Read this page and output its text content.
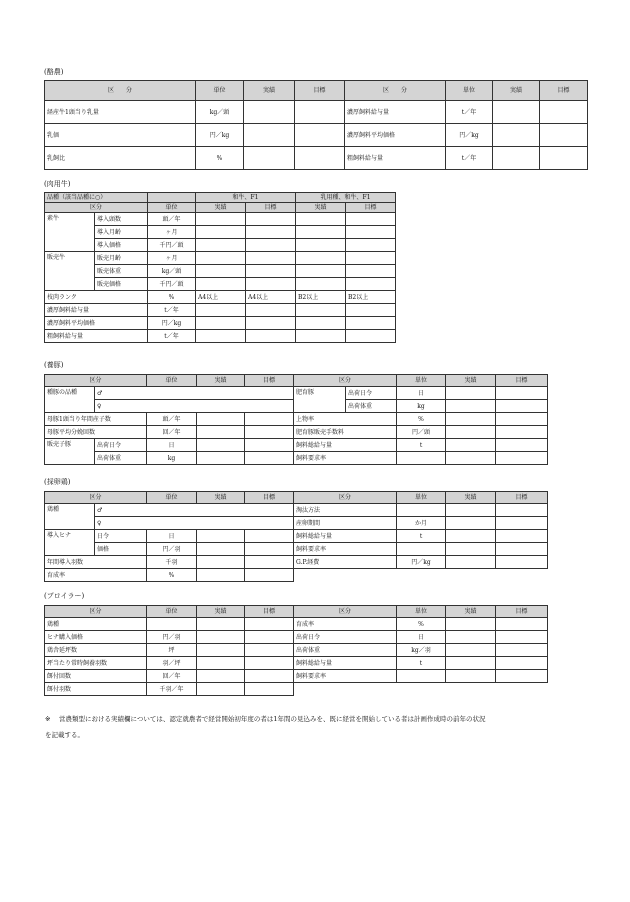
(酪農)
区　　分	単位	実績	目標	区　　分	単位	実績	目標
経産牛1頭当り乳量	kg／頭			濃厚飼料給与量	t／年		
乳価	円／kg			濃厚飼料平均価格	円／kg		
乳飼比	%			粗飼料給与量	t／年		
(肉用牛)
品種（該当品種に○）			和牛、F1		乳用種、和牛、F1	
区分		単位	実績	目標	実績	目標
素牛	導入頭数	頭／年				
	導入月齢	ヶ月				
	導入価格	千円／頭				
販売牛	販売月齢	ヶ月				
	販売体重	kg／頭				
	販売価格	千円／頭				
枝肉ランク		%	A4以上	A4以上	B2以上	B2以上
濃厚飼料給与量		t／年				
濃厚飼料平均価格		円／kg				
粗飼料給与量		t／年				
(養豚)
区分		単位	実績	目標	区分		単位	実績	目標
種豚の品種	♂				肥育豚	出荷日令	日		
	♀					出荷体重	kg		
母豚1頭当り年間産子数		頭／年			上物率		%		
母豚平均分娩回数		回／年			肥育豚販売手数料		円／頭		
販売子豚	出荷日令	日			飼料総給与量		t		
	出荷体重	kg			飼料要求率				
(採卵鶏)
区分		単位	実績	目標	区分	単位	実績	目標
鶏種	♂				淘汰方法			
	♀				産卵期間	か月		
導入ヒナ	日令	日			飼料総給与量	t		
	価格	円／羽			飼料要求率			
年間導入羽数		千羽			G.P.経費	円／kg		
育成率		%						
(ブロイラー)
区分	単位	実績	目標	区分	単位	実績	目標
鶏種				育成率	%		
ヒナ購入価格	円／羽			出荷日令	日		
鶏舎延坪数	坪			出荷体重	kg／羽		
坪当たり常時飼養羽数	羽／坪			飼料総給与量	t		
餌付回数	回／年			飼料要求率			
餌付羽数	千羽／年						
※ 営農類型における実績欄については、認定就農者で経営開始初年度の者は1年間の見込みを、既に経営を開始している者は計画作成時の前年の状況
を記載する。
